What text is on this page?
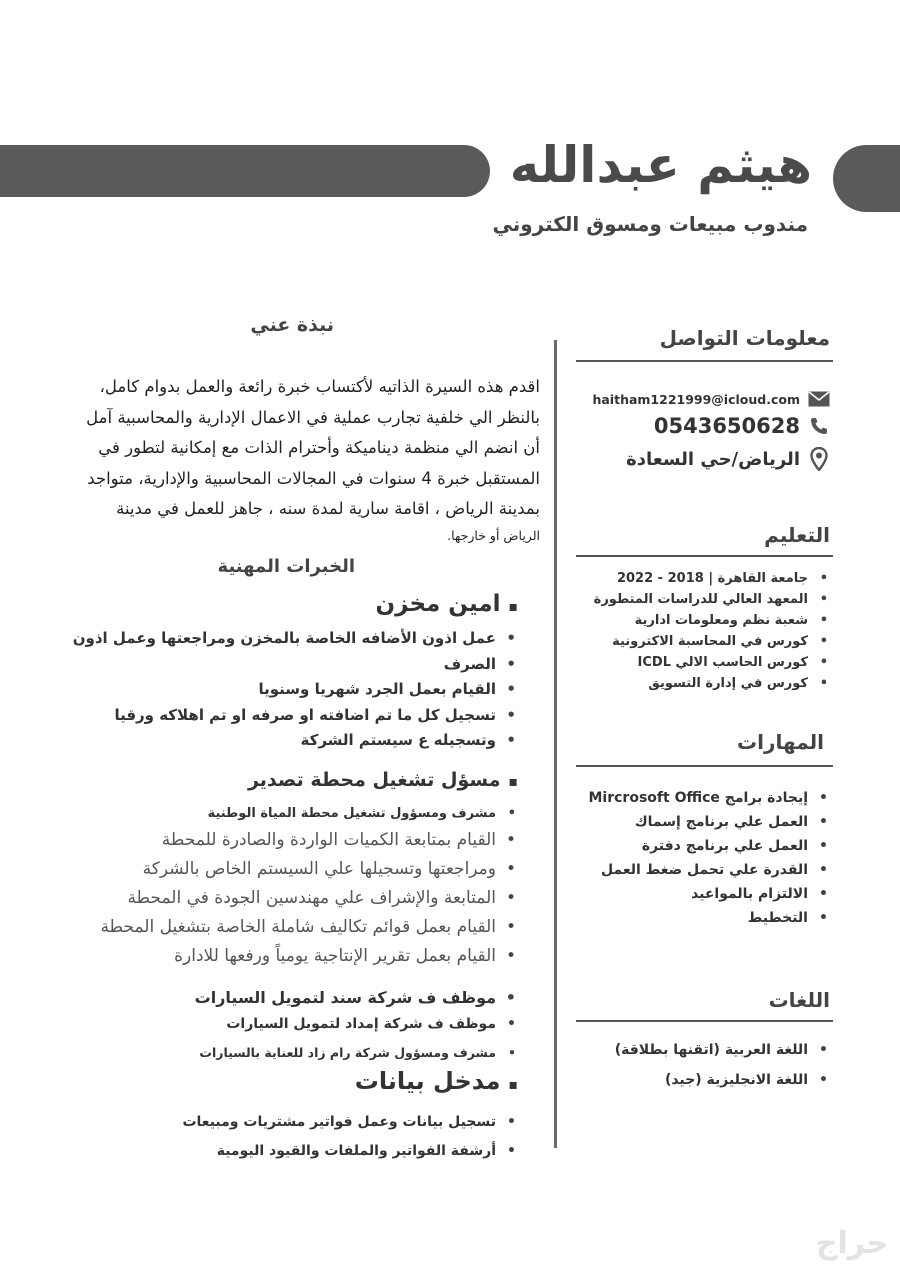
هيثم عبدالله
مندوب مبيعات ومسوق الكتروني
معلومات التواصل
haitham1221999@icloud.com
0543650628
الرياض/حي السعادة
التعليم
• جامعة القاهرة | 2018 - 2022
• المعهد العالي للدراسات المتطورة
• شعبة نظم ومعلومات ادارية
• كورس في المحاسبة الاكترونية
• كورس الحاسب الالي ICDL
• كورس في إدارة التسويق
المهارات
• إيجادة برامج Mircrosoft Office
• العمل علي برنامج إسماك
• العمل علي برنامج دفترة
• القدرة علي تحمل ضغط العمل
• الالتزام بالمواعيد
• التخطيط
اللغات
• اللغة العربية (اتقنها بطلاقة)
• اللغة الانجليزية (جيد)
نبذة عني
اقدم هذه السيرة الذاتيه لأكتساب خبرة رائعة والعمل بدوام كامل،
بالنظر الي خلفية تجارب عملية في الاعمال الإدارية والمحاسبية آمل
أن انضم الي منظمة ديناميكة وأحترام الذات مع إمكانية لتطور في
المستقبل خبرة 4 سنوات في المجالات المحاسبية والإدارية، متواجد
بمدينة الرياض ، اقامة سارية لمدة سنه ، جاهز للعمل في مدينة
الرياض أو خارجها.
الخبرات المهنية
▪ امين مخزن
• عمل اذون الأضافه الخاصة بالمخزن ومراجعتها وعمل اذون
• الصرف
• القيام بعمل الجرد شهريا وسنويا
• تسجيل كل ما تم اضافته او صرفه او تم اهلاكه ورقيا
• وتسجيله ع سيستم الشركة
▪ مسؤل تشغيل محطة تصدير
• مشرف ومسؤول تشغيل محطة المياة الوطنية
• القيام بمتابعة الكميات الواردة والصادرة للمحطة
• ومراجعتها وتسجيلها علي السيستم الخاص بالشركة
• المتابعة والإشراف علي مهندسين الجودة في المحطة
• القيام بعمل قوائم تكاليف شاملة الخاصة بتشغيل المحطة
• القيام بعمل تقرير الإنتاجية يومياً ورفعها للادارة
• موظف ف شركة سند لتمويل السيارات
• موظف ف شركة إمداد لتمويل السيارات
• مشرف ومسؤول شركة رام زاد للعناية بالسيارات
▪ مدخل بيانات
• تسجيل بيانات وعمل فواتير مشتريات ومبيعات
• أرشفة الفواتير والملفات والقيود اليومية
حراج
